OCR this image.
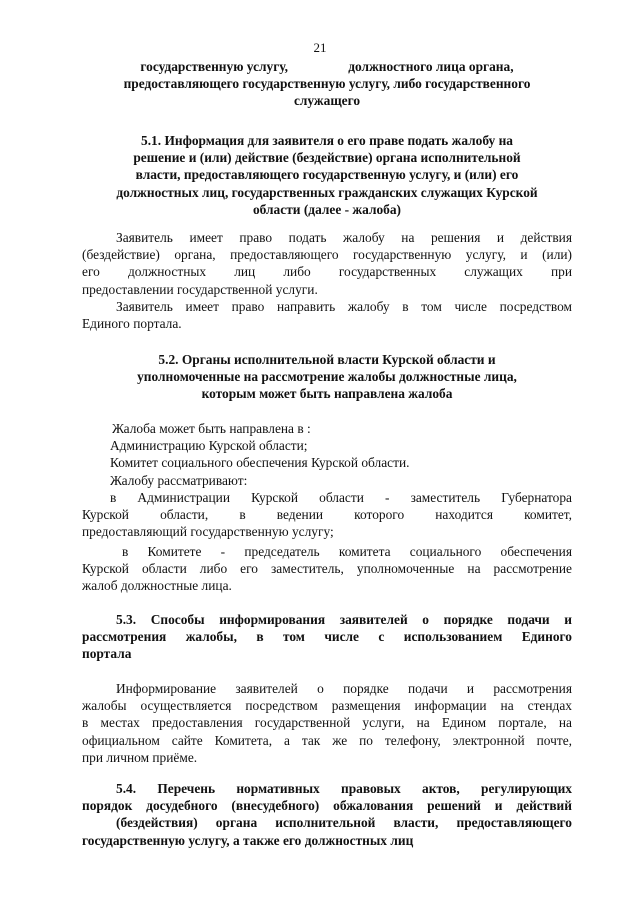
21
государственную услугу,                  должностного лица органа,
предоставляющего государственную услугу, либо государственного
служащего
5.1. Информация для заявителя о его праве подать жалобу на
решение и (или) действие (бездействие) органа исполнительной
власти, предоставляющего государственную услугу, и (или) его
должностных лиц, государственных гражданских служащих Курской
области (далее - жалоба)
Заявитель имеет право подать жалобу на решения и действия
(бездействие) органа, предоставляющего государственную услугу, и (или)
его должностных лиц либо государственных служащих при
предоставлении государственной услуги.
Заявитель имеет право направить жалобу в том числе посредством
Единого портала.
5.2. Органы исполнительной власти Курской области и
уполномоченные на рассмотрение жалобы должностные лица,
которым может быть направлена жалоба
Жалоба может быть направлена в :
Администрацию Курской области;
Комитет социального обеспечения Курской области.
Жалобу рассматривают:
в Администрации Курской области - заместитель Губернатора
Курской области, в ведении которого находится комитет,
предоставляющий государственную услугу;
в Комитете - председатель комитета социального обеспечения
Курской области либо его заместитель, уполномоченные на рассмотрение
жалоб должностные лица.
5.3. Способы информирования заявителей о порядке подачи и
рассмотрения жалобы, в том числе с использованием Единого
портала
Информирование заявителей о порядке подачи и рассмотрения
жалобы осуществляется посредством размещения информации на стендах
в местах предоставления государственной услуги, на Едином портале, на
официальном сайте Комитета, а так же по телефону, электронной почте,
при личном приёме.
5.4. Перечень нормативных правовых актов, регулирующих
порядок досудебного (внесудебного) обжалования решений и действий
(бездействия) органа исполнительной власти, предоставляющего
государственную услугу, а также его должностных лиц
